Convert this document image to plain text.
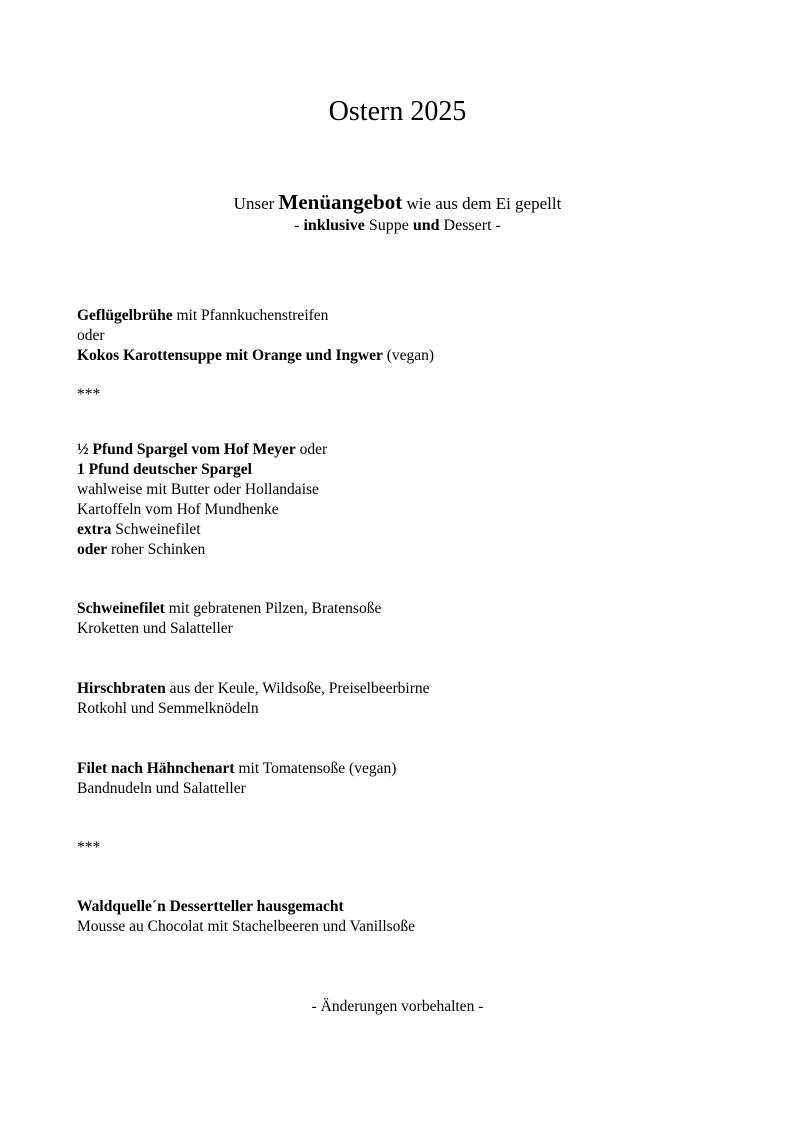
Ostern 2025
Unser Menüangebot wie aus dem Ei gepellt
- inklusive Suppe und Dessert -
Geflügelbrühe mit Pfannkuchenstreifen
oder
Kokos Karottensuppe mit Orange und Ingwer (vegan)
***
½ Pfund Spargel vom Hof Meyer oder
1 Pfund deutscher Spargel
wahlweise mit Butter oder Hollandaise
Kartoffeln vom Hof Mundhenke
extra Schweinefilet
oder roher Schinken
Schweinefilet mit gebratenen Pilzen, Bratensoße
Kroketten und Salatteller
Hirschbraten aus der Keule, Wildsoße, Preiselbeerbirne
Rotkohl und Semmelknödeln
Filet nach Hähnchenart mit Tomatensoße (vegan)
Bandnudeln und Salatteller
***
Waldquelle´n Dessertteller hausgemacht
Mousse au Chocolat mit Stachelbeeren und Vanillsoße
- Änderungen vorbehalten -
